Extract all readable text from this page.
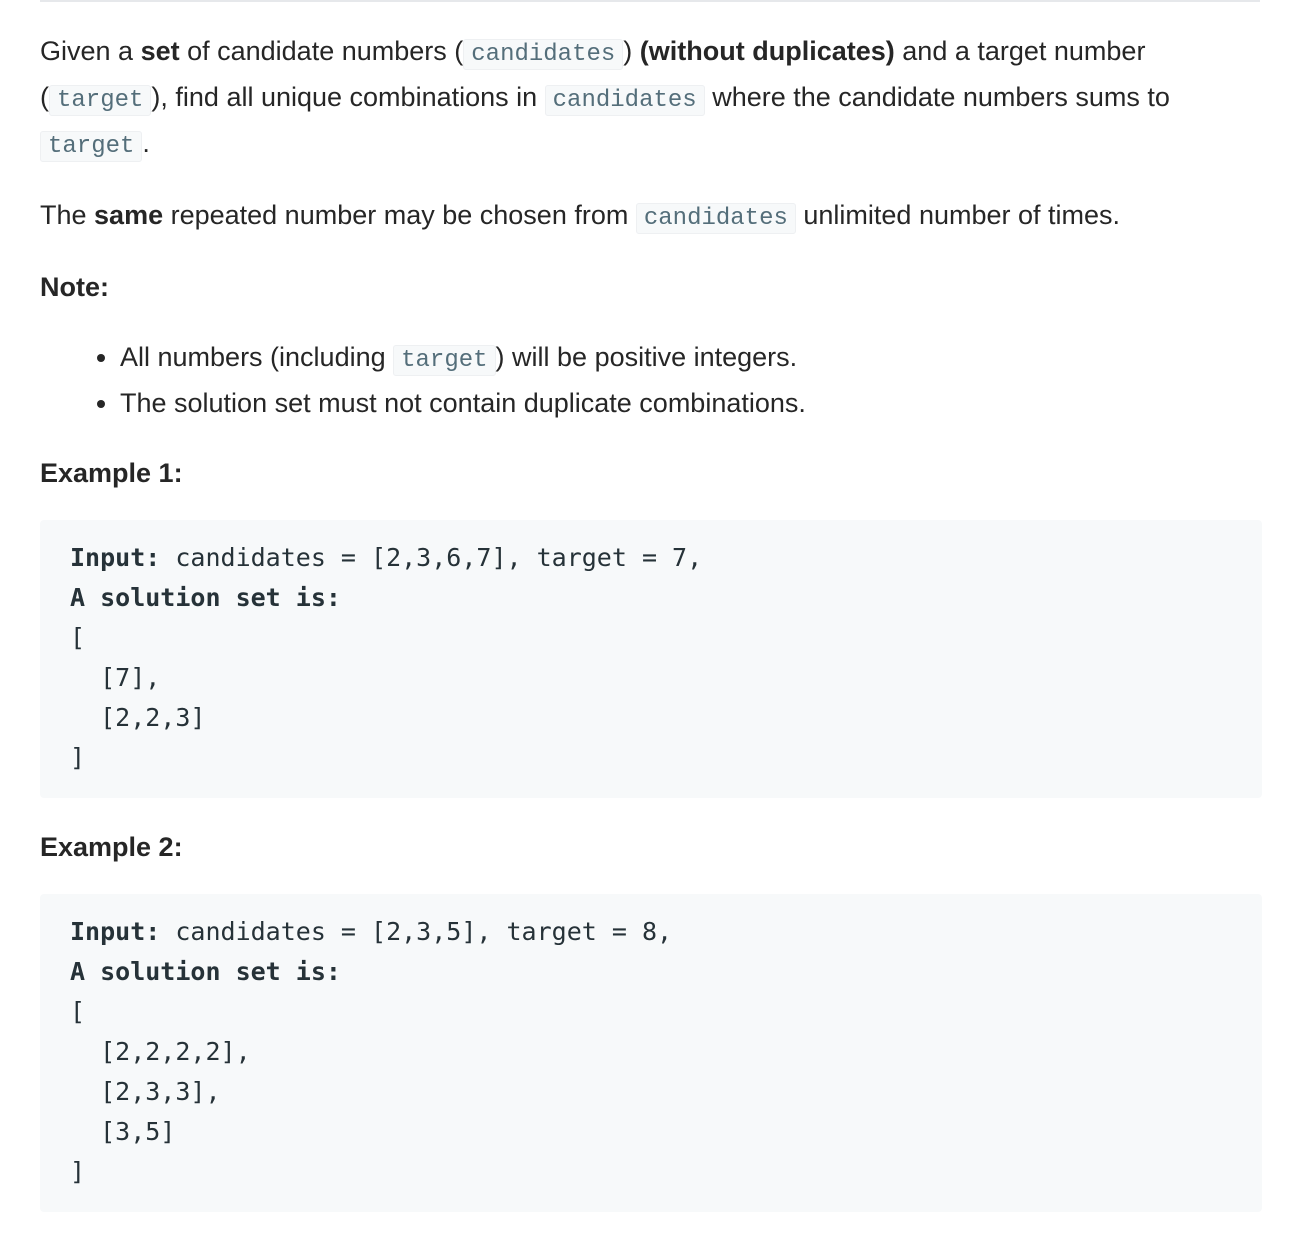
Given a set of candidate numbers ( candidates ) (without duplicates) and a target number ( target ), find all unique combinations in candidates where the candidate numbers sums to target .

The same repeated number may be chosen from candidates unlimited number of times.

Note:

• All numbers (including target ) will be positive integers.
• The solution set must not contain duplicate combinations.

Example 1:

Input: candidates = [2,3,6,7], target = 7,
A solution set is:
[
[7],
[2,2,3]
]

Example 2:

Input: candidates = [2,3,5], target = 8,
A solution set is:
[
[2,2,2,2],
[2,3,3],
[3,5]
]
